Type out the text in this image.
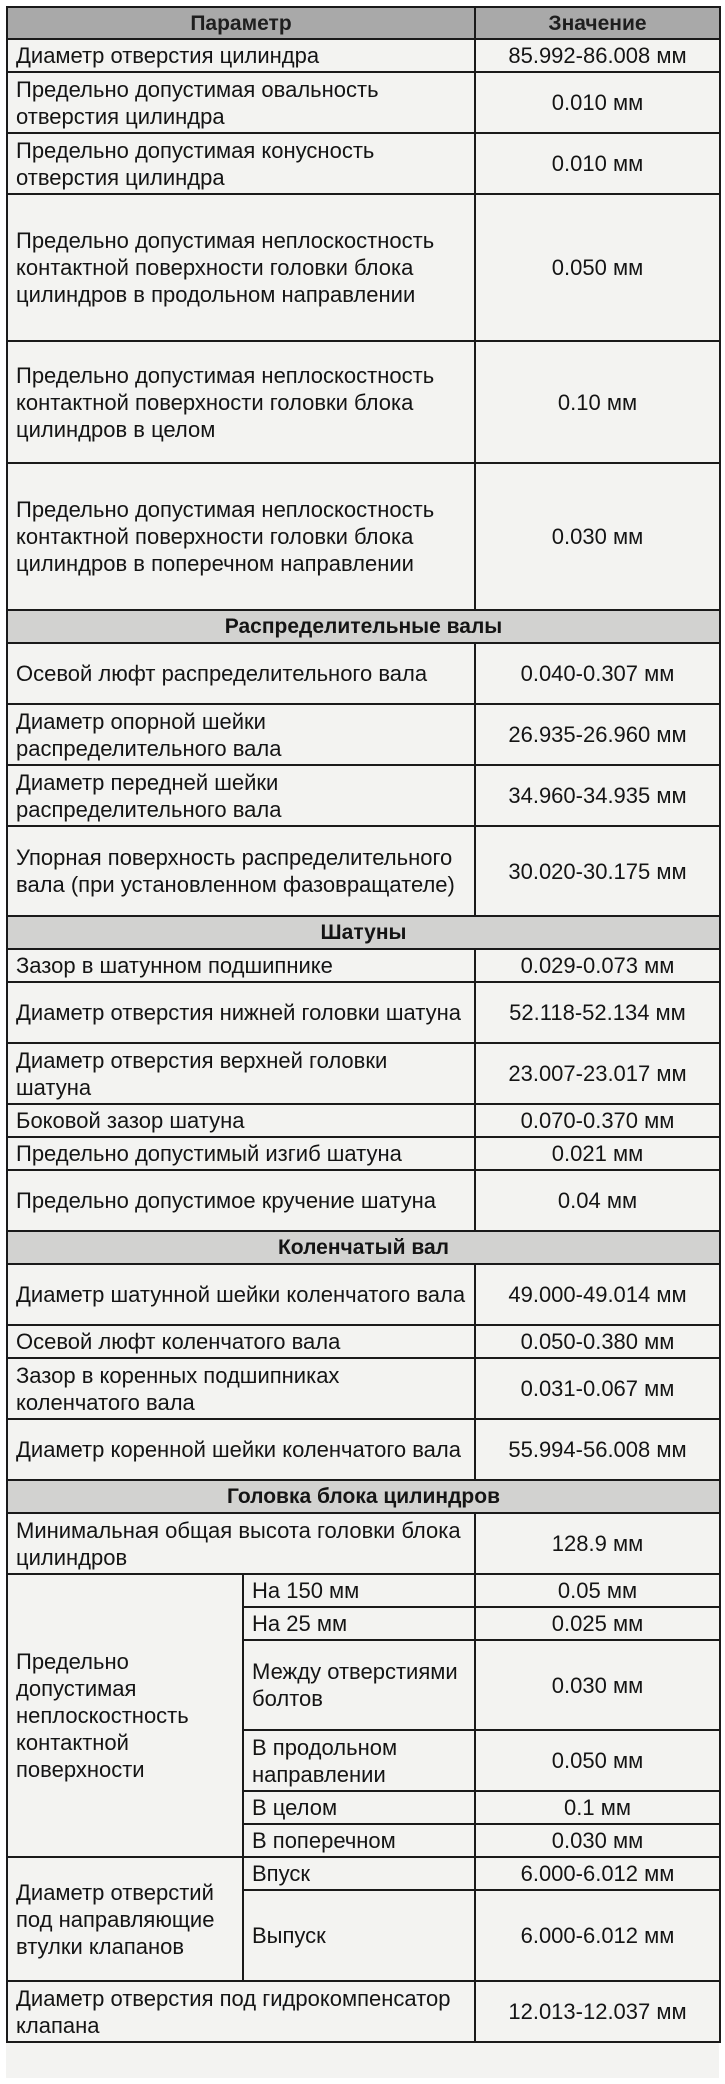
Параметр		Значение
Диаметр отверстия цилиндра		85.992-86.008 мм
Предельно допустимая овальность отверстия цилиндра		0.010 мм
Предельно допустимая конусность отверстия цилиндра		0.010 мм
Предельно допустимая неплоскостность контактной поверхности головки блока цилиндров в продольном направлении		0.050 мм
Предельно допустимая неплоскостность контактной поверхности головки блока цилиндров в целом		0.10 мм
Предельно допустимая неплоскостность контактной поверхности головки блока цилиндров в поперечном направлении		0.030 мм
Распределительные валы		
Осевой люфт распределительного вала		0.040-0.307 мм
Диаметр опорной шейки распределительного вала		26.935-26.960 мм
Диаметр передней шейки распределительного вала		34.960-34.935 мм
Упорная поверхность распределительного вала (при установленном фазовращателе)		30.020-30.175 мм
Шатуны		
Зазор в шатунном подшипнике		0.029-0.073 мм
Диаметр отверстия нижней головки шатуна		52.118-52.134 мм
Диаметр отверстия верхней головки шатуна		23.007-23.017 мм
Боковой зазор шатуна		0.070-0.370 мм
Предельно допустимый изгиб шатуна		0.021 мм
Предельно допустимое кручение шатуна		0.04 мм
Коленчатый вал		
Диаметр шатунной шейки коленчатого вала		49.000-49.014 мм
Осевой люфт коленчатого вала		0.050-0.380 мм
Зазор в коренных подшипниках коленчатого вала		0.031-0.067 мм
Диаметр коренной шейки коленчатого вала		55.994-56.008 мм
Головка блока цилиндров		
Минимальная общая высота головки блока цилиндров		128.9 мм
Предельно допустимая неплоскостность контактной поверхности	На 150 мм	0.05 мм
	На 25 мм	0.025 мм
	Между отверстиями болтов	0.030 мм
	В продольном направлении	0.050 мм
	В целом	0.1 мм
	В поперечном	0.030 мм
Диаметр отверстий под направляющие втулки клапанов	Впуск	6.000-6.012 мм
	Выпуск	6.000-6.012 мм
Диаметр отверстия под гидрокомпенсатор клапана		12.013-12.037 мм
